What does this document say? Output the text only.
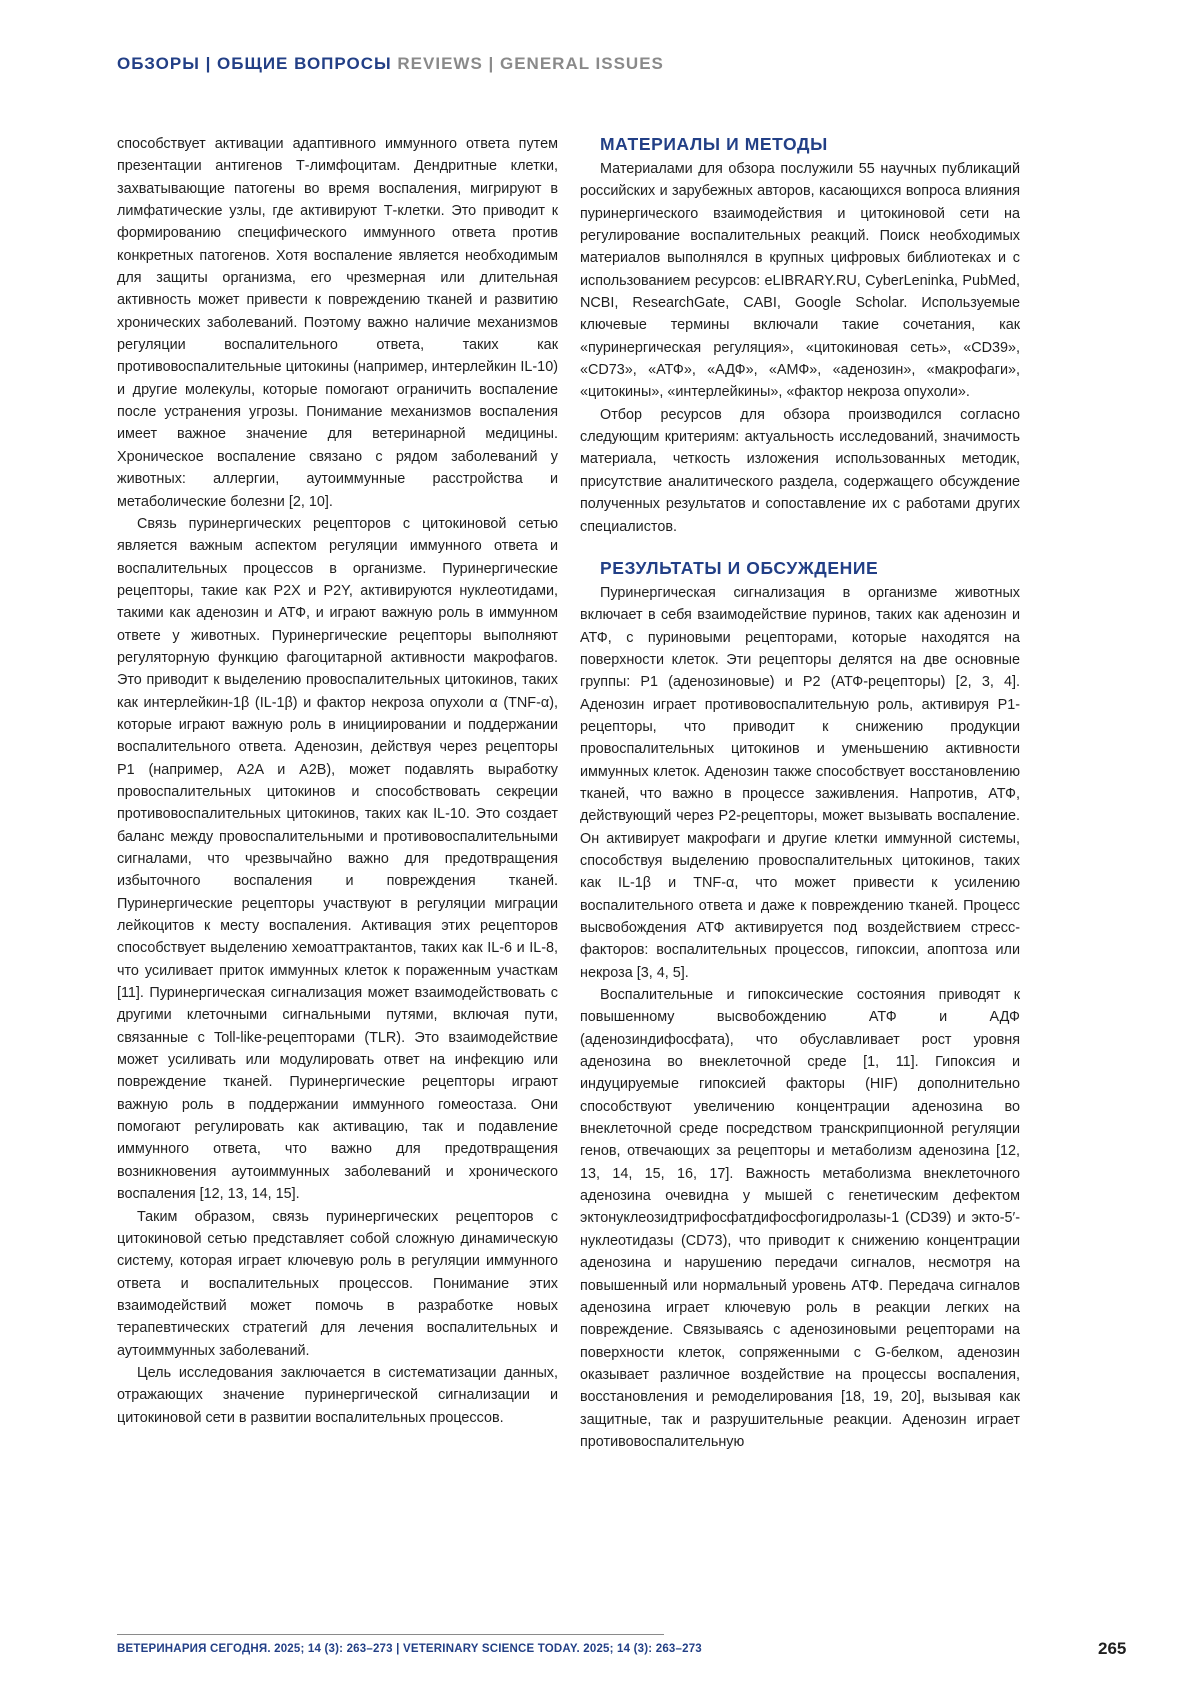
ОБЗОРЫ | ОБЩИЕ ВОПРОСЫ REVIEWS | GENERAL ISSUES

способствует активации адаптивного иммунного ответа путем презентации антигенов Т-лимфоцитам. Дендритные клетки, захватывающие патогены во время воспаления, мигрируют в лимфатические узлы, где активируют Т-клетки. Это приводит к формированию специфического иммунного ответа против конкретных патогенов. Хотя воспаление является необходимым для защиты организма, его чрезмерная или длительная активность может привести к повреждению тканей и развитию хронических заболеваний. Поэтому важно наличие механизмов регуляции воспалительного ответа, таких как противовоспалительные цитокины (например, интерлейкин IL-10) и другие молекулы, которые помогают ограничить воспаление после устранения угрозы. Понимание механизмов воспаления имеет важное значение для ветеринарной медицины. Хроническое воспаление связано с рядом заболеваний у животных: аллергии, аутоиммунные расстройства и метаболические болезни [2, 10].

Связь пуринергических рецепторов с цитокиновой сетью является важным аспектом регуляции иммунного ответа и воспалительных процессов в организме. Пуринергические рецепторы, такие как P2X и P2Y, активируются нуклеотидами, такими как аденозин и АТФ, и играют важную роль в иммунном ответе у животных. Пуринергические рецепторы выполняют регуляторную функцию фагоцитарной активности макрофагов. Это приводит к выделению провоспалительных цитокинов, таких как интерлейкин-1β (IL-1β) и фактор некроза опухоли α (TNF-α), которые играют важную роль в инициировании и поддержании воспалительного ответа. Аденозин, действуя через рецепторы P1 (например, A2A и A2B), может подавлять выработку провоспалительных цитокинов и способствовать секреции противовоспалительных цитокинов, таких как IL-10. Это создает баланс между провоспалительными и противовоспалительными сигналами, что чрезвычайно важно для предотвращения избыточного воспаления и повреждения тканей. Пуринергические рецепторы участвуют в регуляции миграции лейкоцитов к месту воспаления. Активация этих рецепторов способствует выделению хемоаттрактантов, таких как IL-6 и IL-8, что усиливает приток иммунных клеток к пораженным участкам [11]. Пуринергическая сигнализация может взаимодействовать с другими клеточными сигнальными путями, включая пути, связанные с Toll-like-рецепторами (TLR). Это взаимодействие может усиливать или модулировать ответ на инфекцию или повреждение тканей. Пуринергические рецепторы играют важную роль в поддержании иммунного гомеостаза. Они помогают регулировать как активацию, так и подавление иммунного ответа, что важно для предотвращения возникновения аутоиммунных заболеваний и хронического воспаления [12, 13, 14, 15].

Таким образом, связь пуринергических рецепторов с цитокиновой сетью представляет собой сложную динамическую систему, которая играет ключевую роль в регуляции иммунного ответа и воспалительных процессов. Понимание этих взаимодействий может помочь в разработке новых терапевтических стратегий для лечения воспалительных и аутоиммунных заболеваний.

Цель исследования заключается в систематизации данных, отражающих значение пуринергической сигнализации и цитокиновой сети в развитии воспалительных процессов.

МАТЕРИАЛЫ И МЕТОДЫ

Материалами для обзора послужили 55 научных публикаций российских и зарубежных авторов, касающихся вопроса влияния пуринергического взаимодействия и цитокиновой сети на регулирование воспалительных реакций. Поиск необходимых материалов выполнялся в крупных цифровых библиотеках и с использованием ресурсов: eLIBRARY.RU, CyberLeninka, PubMed, NCBI, ResearchGate, CABI, Google Scholar. Используемые ключевые термины включали такие сочетания, как «пуринергическая регуляция», «цитокиновая сеть», «CD39», «CD73», «АТФ», «АДФ», «АМФ», «аденозин», «макрофаги», «цитокины», «интерлейкины», «фактор некроза опухоли».

Отбор ресурсов для обзора производился согласно следующим критериям: актуальность исследований, значимость материала, четкость изложения использованных методик, присутствие аналитического раздела, содержащего обсуждение полученных результатов и сопоставление их с работами других специалистов.

РЕЗУЛЬТАТЫ И ОБСУЖДЕНИЕ

Пуринергическая сигнализация в организме животных включает в себя взаимодействие пуринов, таких как аденозин и АТФ, с пуриновыми рецепторами, которые находятся на поверхности клеток. Эти рецепторы делятся на две основные группы: P1 (аденозиновые) и P2 (АТФ-рецепторы) [2, 3, 4]. Аденозин играет противовоспалительную роль, активируя P1-рецепторы, что приводит к снижению продукции провоспалительных цитокинов и уменьшению активности иммунных клеток. Аденозин также способствует восстановлению тканей, что важно в процессе заживления. Напротив, АТФ, действующий через P2-рецепторы, может вызывать воспаление. Он активирует макрофаги и другие клетки иммунной системы, способствуя выделению провоспалительных цитокинов, таких как IL-1β и TNF-α, что может привести к усилению воспалительного ответа и даже к повреждению тканей. Процесс высвобождения АТФ активируется под воздействием стресс-факторов: воспалительных процессов, гипоксии, апоптоза или некроза [3, 4, 5].

Воспалительные и гипоксические состояния приводят к повышенному высвобождению АТФ и АДФ (аденозиндифосфата), что обуславливает рост уровня аденозина во внеклеточной среде [1, 11]. Гипоксия и индуцируемые гипоксией факторы (HIF) дополнительно способствуют увеличению концентрации аденозина во внеклеточной среде посредством транскрипционной регуляции генов, отвечающих за рецепторы и метаболизм аденозина [12, 13, 14, 15, 16, 17]. Важность метаболизма внеклеточного аденозина очевидна у мышей с генетическим дефектом эктонуклеозидтрифосфатдифосфогидролазы-1 (CD39) и экто-5′-нуклеотидазы (CD73), что приводит к снижению концентрации аденозина и нарушению передачи сигналов, несмотря на повышенный или нормальный уровень АТФ. Передача сигналов аденозина играет ключевую роль в реакции легких на повреждение. Связываясь с аденозиновыми рецепторами на поверхности клеток, сопряженными с G-белком, аденозин оказывает различное воздействие на процессы воспаления, восстановления и ремоделирования [18, 19, 20], вызывая как защитные, так и разрушительные реакции. Аденозин играет противовоспалительную

ВЕТЕРИНАРИЯ СЕГОДНЯ. 2025; 14 (3): 263–273 | VETERINARY SCIENCE TODAY. 2025; 14 (3): 263–273	265
